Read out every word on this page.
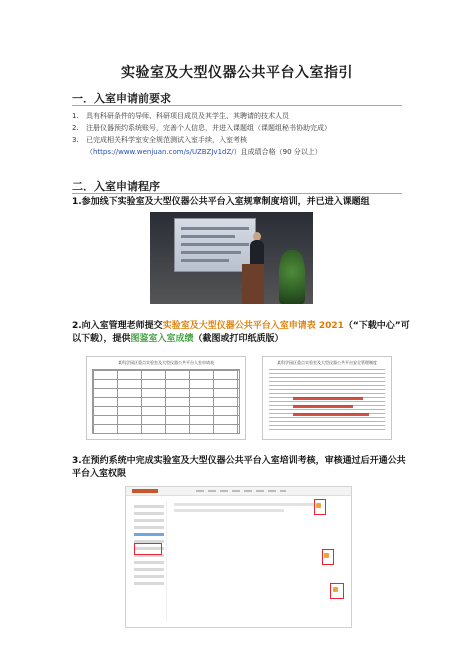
实验室及大型仪器公共平台入室指引
一．入室申请前要求
1.	具有科研条件的导师、科研项目成员及其学生、其聘请的技术人员
2.	注册仪器预约系统账号，完善个人信息，并进入课题组（课题组秘书协助完成）
3.	已完成相关科学室安全规范测试入室手续，入室考核
（https://www.wenjuan.com/s/UZBZJv1dZ/）且成绩合格（90 分以上）
二．入室申请程序
1.参加线下实验室及大型仪器公共平台入室规章制度培训，并已进入课题组
2.向入室管理老师提交实验室及大型仪器公共平台入室申请表 2021（“下载中心”可以下载），提供图鉴室入室成绩（截图或打印纸质版）
某科学园区重点实验室及大型仪器公共平台入室申请表	某科学园区重点实验室及大型仪器公共平台安全管理制度
3.在预约系统中完成实验室及大型仪器公共平台入室培训考核，审核通过后开通公共平台入室权限
